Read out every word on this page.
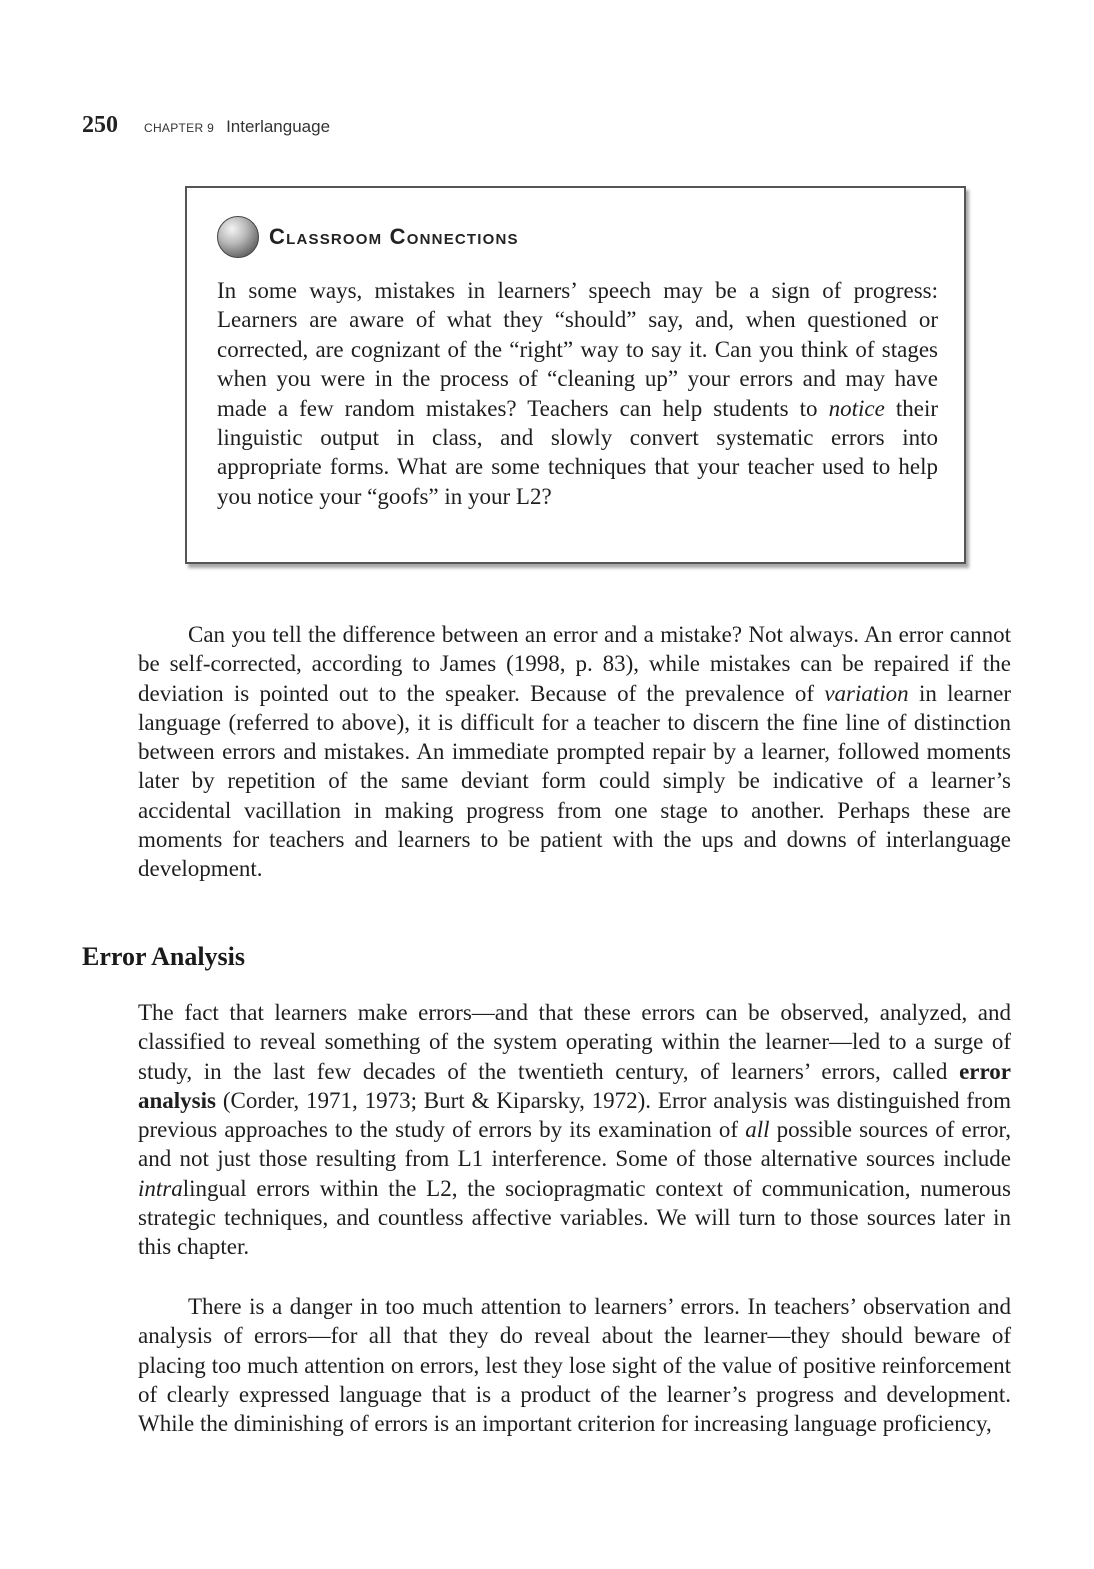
250 CHAPTER 9 Interlanguage
Classroom Connections

In some ways, mistakes in learners’ speech may be a sign of progress: Learners are aware of what they “should” say, and, when questioned or corrected, are cognizant of the “right” way to say it. Can you think of stages when you were in the process of “cleaning up” your errors and may have made a few random mistakes? Teachers can help students to notice their linguistic output in class, and slowly convert systematic errors into appropriate forms. What are some techniques that your teacher used to help you notice your “goofs” in your L2?

Can you tell the difference between an error and a mistake? Not always. An error cannot be self-corrected, according to James (1998, p. 83), while mistakes can be repaired if the deviation is pointed out to the speaker. Because of the prevalence of variation in learner language (referred to above), it is difficult for a teacher to discern the fine line of distinction between errors and mistakes. An immediate prompted repair by a learner, followed moments later by repetition of the same deviant form could simply be indicative of a learner’s accidental vacillation in making progress from one stage to another. Perhaps these are moments for teachers and learners to be patient with the ups and downs of interlanguage development.

Error Analysis

The fact that learners make errors—and that these errors can be observed, analyzed, and classified to reveal something of the system operating within the learner—led to a surge of study, in the last few decades of the twentieth century, of learners’ errors, called error analysis (Corder, 1971, 1973; Burt & Kiparsky, 1972). Error analysis was distinguished from previous approaches to the study of errors by its examination of all possible sources of error, and not just those resulting from L1 interference. Some of those alternative sources include intralingual errors within the L2, the sociopragmatic context of communication, numerous strategic techniques, and countless affective variables. We will turn to those sources later in this chapter.

There is a danger in too much attention to learners’ errors. In teachers’ observation and analysis of errors—for all that they do reveal about the learner—they should beware of placing too much attention on errors, lest they lose sight of the value of positive reinforcement of clearly expressed language that is a product of the learner’s progress and development. While the diminishing of errors is an important criterion for increasing language proficiency,
